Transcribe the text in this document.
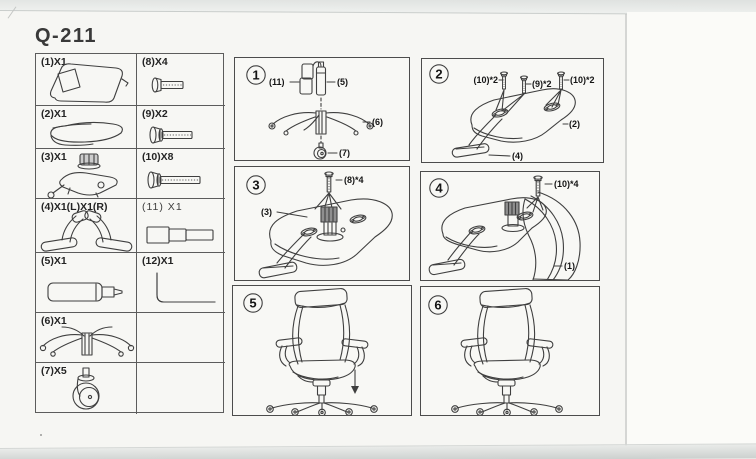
Q-211
(1)X1	(8)X4
(2)X1	(9)X2
(3)X1	(10)X8
(4)X1(L)X1(R)	(11) X1
(5)X1	(12)X1
(6)X1
(7)X5
1 (11)	(5)
(6)
(7)
2	(10)*2	(9)*2 (10)*2
(2)
(4)
3	(8)*4
(3)
4	(10)*4
(1)
5	6
